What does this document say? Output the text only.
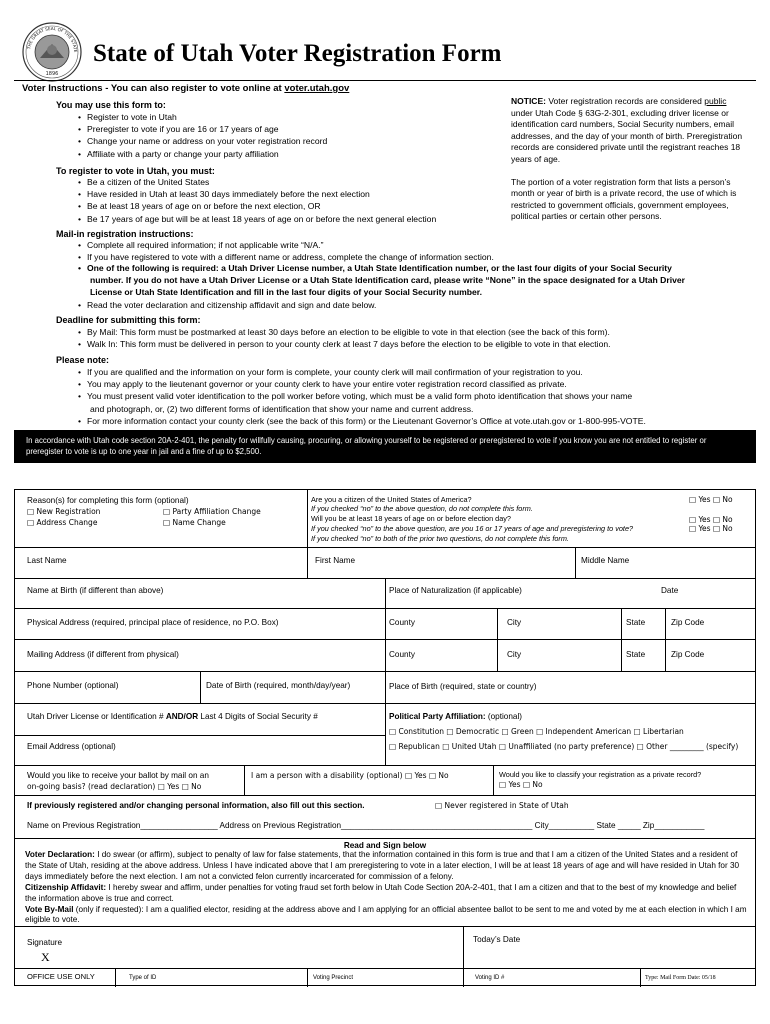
1896
THE GREAT SEAL OF THE STATE State of Utah Voter Registration Form
Voter Instructions - You can also register to vote online at voter.utah.gov
You may use this form to:
• Register to vote in Utah
• Preregister to vote if you are 16 or 17 years of age
• Change your name or address on your voter registration record
• Affiliate with a party or change your party affiliation
To register to vote in Utah, you must:
• Be a citizen of the United States
• Have resided in Utah at least 30 days immediately before the next election
• Be at least 18 years of age on or before the next election, OR
• Be 17 years of age but will be at least 18 years of age on or before the next general election
Mail-in registration instructions:
• Complete all required information; if not applicable write “N/A.”
• If you have registered to vote with a different name or address, complete the change of information section.
• One of the following is required: a Utah Driver License number, a Utah State Identification number, or the last four digits of your Social Security
number. If you do not have a Utah Driver License or a Utah State Identification card, please write “None” in the space designated for a Utah Driver
License or Utah State Identification and fill in the last four digits of your Social Security number.
• Read the voter declaration and citizenship affidavit and sign and date below.
Deadline for submitting this form:
• By Mail: This form must be postmarked at least 30 days before an election to be eligible to vote in that election (see the back of this form).
• Walk In: This form must be delivered in person to your county clerk at least 7 days before the election to be eligible to vote in that election.
Please note:
• If you are qualified and the information on your form is complete, your county clerk will mail confirmation of your registration to you.
• You may apply to the lieutenant governor or your county clerk to have your entire voter registration record classified as private.
• You must present valid voter identification to the poll worker before voting, which must be a valid form photo identification that shows your name
and photograph, or, (2) two different forms of identification that show your name and current address.
• For more information contact your county clerk (see the back of this form) or the Lieutenant Governor’s Office at vote.utah.gov or 1-800-995-VOTE.

NOTICE: Voter registration records are considered public under Utah Code § 63G-2-301, excluding driver license or identification card numbers, Social Security numbers, email addresses, and the day of your month of birth. Preregistration records are considered private until the registrant reaches 18 years of age.

The portion of a voter registration form that lists a person’s month or year of birth is a private record, the use of which is restricted to government officials, government employees, political parties or certain other persons.

In accordance with Utah code section 20A-2-401, the penalty for willfully causing, procuring, or allowing yourself to be registered or preregistered to vote if you know you are not entitled to register or preregister to vote is up to one year in jail and a fine of up to $2,500.
Reason(s) for completing this form (optional)
□ New Registration
□ Address Change
□ Party Affiliation Change
□ Name Change
Are you a citizen of the United States of America?	□ Yes □ No
If you checked “no” to the above question, do not complete this form.
Will you be at least 18 years of age on or before election day?	□ Yes □ No
If you checked “no” to the above question, are you 16 or 17 years of age and preregistering to vote?	□ Yes □ No
If you checked “no” to both of the prior two questions, do not complete this form.
Last Name	First Name	Middle Name
Name at Birth (if different than above)	Place of Naturalization (if applicable)	Date
Physical Address (required, principal place of residence, no P.O. Box)	County	City	State	Zip Code
Mailing Address (if different from physical)	County	City	State	Zip Code
Phone Number (optional)	Date of Birth (required, month/day/year)	Place of Birth (required, state or country)
Utah Driver License or Identification # AND/OR Last 4 Digits of Social Security #	Political Party Affiliation: (optional)
□ Constitution □ Democratic □ Green □ Independent American □ Libertarian
□ Republican □ United Utah □ Unaffiliated (no party preference) □ Other _________ (specify)
Email Address (optional)
Would you like to receive your ballot by mail on an
on-going basis? (read declaration) □ Yes □ No
I am a person with a disability (optional) □ Yes □ No	Would you like to classify your registration as a private record?
□ Yes □ No
If previously registered and/or changing personal information, also fill out this section.	□ Never registered in State of Utah
Name on Previous Registration_________________ Address on Previous Registration__________________________________________ City__________ State _____ Zip___________
Read and Sign below
Voter Declaration: I do swear (or affirm), subject to penalty of law for false statements, that the information contained in this form is true and that I am a citizen of the United States and a resident of the State of Utah, residing at the above address. Unless I have indicated above that I am preregistering to vote in a later election, I will be at least 18 years of age and will have resided in Utah for 30 days immediately before the next election. I am not a convicted felon currently incarcerated for commission of a felony.
Citizenship Affidavit: I hereby swear and affirm, under penalties for voting fraud set forth below in Utah Code Section 20A-2-401, that I am a citizen and that to the best of my knowledge and belief the information above is true and correct.
Vote By-Mail (only if requested): I am a qualified elector, residing at the address above and I am applying for an official absentee ballot to be sent to me and voted by me at each election in which I am eligible to vote.
Signature
X
Today’s Date
OFFICE USE ONLY	Type of ID	Voting Precinct	Voting ID #	Type: Mail Form Date: 05/18
